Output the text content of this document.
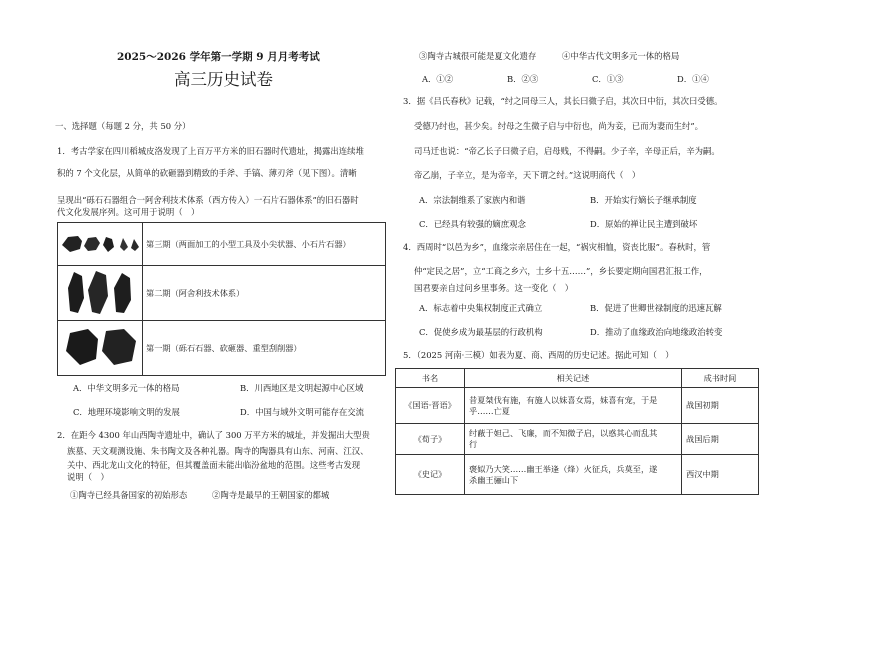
2025～2026 学年第一学期 9 月月考考试
高三历史试卷
一、选择题（每题 2 分，共 50 分）
1．考古学家在四川稻城皮洛发现了上百万平方米的旧石器时代遗址，揭露出连续堆
积的 7 个文化层，从简单的砍砸器到精致的手斧、手镐、薄刃斧（见下图）。清晰
呈现出“砾石石器组合一阿舍利技术体系（西方传入）一石片石器体系”的旧石器时
代文化发展序列。这可用于说明（　）
	第三期（两面加工的小型工具及小尖状器、小石片石器）
	第二期（阿舍利技术体系）
	第一期（砾石石器、砍砸器、重型刮削器）
A．中华文明多元一体的格局	B．川西地区是文明起源中心区域
C．地理环境影响文明的发展	D．中国与域外文明可能存在交流
2．在距今 4300 年山西陶寺遗址中，确认了 300 万平方米的城址，并发掘出大型贵
族墓、天文观测设施、朱书陶文及各种礼器。陶寺的陶器具有山东、河南、江汉、
关中、西北龙山文化的特征，但其覆盖面未能出临汾盆地的范围。这些考古发现
说明（　）
①陶寺已经具备国家的初始形态	②陶寺是最早的王朝国家的都城
③陶寺古城很可能是夏文化遗存	④中华古代文明多元一体的格局
A．①②	B．②③	C．①③	D．①④
3．据《吕氏春秋》记载，“纣之同母三人，其长曰微子启，其次曰中衍，其次曰受德。
受德乃纣也，甚少矣。纣母之生微子启与中衍也，尚为妾，已而为妻而生纣”。
司马迁也说：“帝乙长子曰微子启，启母贱，不得嗣。少子辛，辛母正后，辛为嗣。
帝乙崩，子辛立，是为帝辛，天下谓之纣。”这说明商代（　）
A．宗法制维系了家族内和谐	B．开始实行嫡长子继承制度
C．已经具有较强的嫡庶观念	D．原始的禅让民主遭到破坏
4．西周时“以邑为乡”，血缘宗亲居住在一起，“祸灾相恤，资丧比服”。春秋时，管
仲“定民之居”，立“工商之乡六，士乡十五……”，乡长要定期向国君汇报工作，
国君要亲自过问乡里事务。这一变化（　）
A．标志着中央集权制度正式确立	B．促进了世卿世禄制度的迅速瓦解
C．促使乡成为最基层的行政机构	D．推动了血缘政治向地缘政治转变
5．（2025 河南·三模）如表为夏、商、西周的历史记述。据此可知（　）
书名	相关记述	成书时间
《国语·晋语》	昔夏桀伐有施，有施人以妹喜女焉，妹喜有宠，于是
乎……亡夏	战国初期
《荀子》	纣蔽于妲己、飞廉，而不知微子启，以惑其心而乱其
行	战国后期
《史记》	褒姒乃大笑……幽王举逢（烽）火征兵，兵莫至，遂
杀幽王骊山下	西汉中期
